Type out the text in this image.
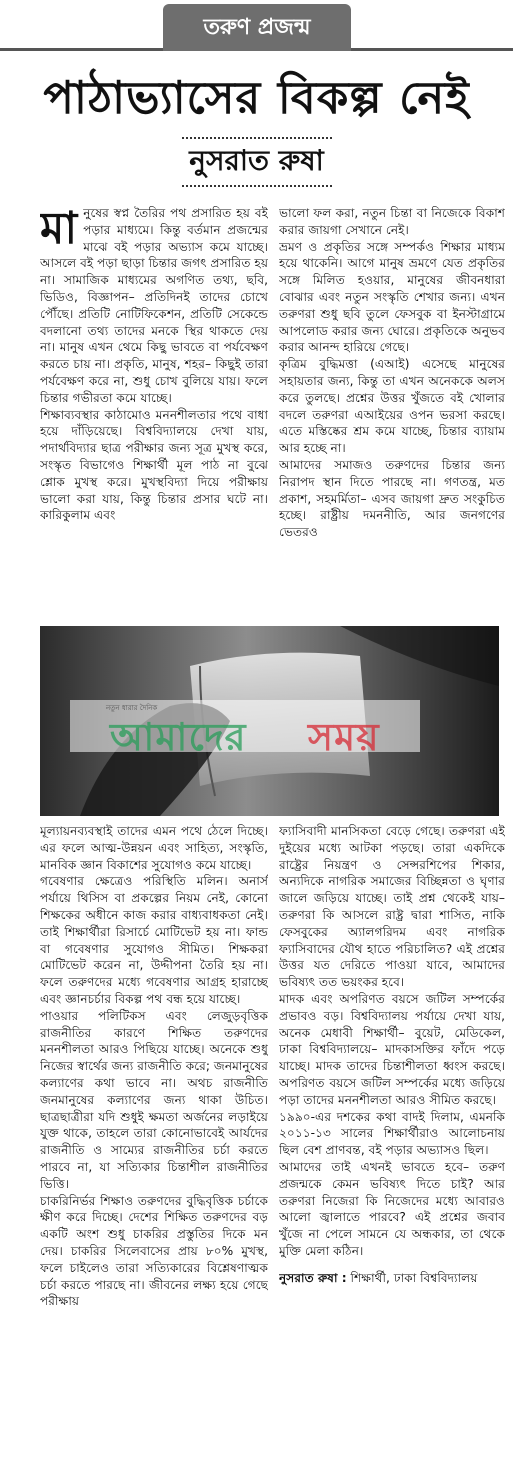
তরুণ প্রজন্ম
পাঠাভ্যাসের বিকল্প নেই
নুসরাত রুষা
মা নুষের স্বপ্ন তৈরির পথ প্রসারিত হয় বই পড়ার মাধ্যমে। কিন্তু বর্তমান প্রজন্মের মাঝে বই পড়ার অভ্যাস কমে যাচ্ছে। আসলে বই পড়া ছাড়া চিন্তার জগৎ প্রসারিত হয় না। সামাজিক মাধ্যমের অগণিত তথ্য, ছবি, ভিডিও, বিজ্ঞাপন– প্রতিদিনই তাদের চোখে পৌঁছে। প্রতিটি নোটিফিকেশন, প্রতিটি সেকেন্ডে বদলানো তথ্য তাদের মনকে স্থির থাকতে দেয় না। মানুষ এখন থেমে কিছু ভাবতে বা পর্যবেক্ষণ করতে চায় না। প্রকৃতি, মানুষ, শহর– কিছুই তারা পর্যবেক্ষণ করে না, শুধু চোখ বুলিয়ে যায়। ফলে চিন্তার গভীরতা কমে যাচ্ছে।

শিক্ষাব্যবস্থার কাঠামোও মননশীলতার পথে বাধা হয়ে দাঁড়িয়েছে। বিশ্ববিদ্যালয়ে দেখা যায়, পদার্থবিদ্যার ছাত্র পরীক্ষার জন্য সূত্র মুখস্থ করে, সংস্কৃত বিভাগেও শিক্ষার্থী মূল পাঠ না বুঝে শ্লোক মুখস্থ করে। মুখস্থবিদ্যা দিয়ে পরীক্ষায় ভালো করা যায়, কিন্তু চিন্তার প্রসার ঘটে না। কারিকুলাম এবং

ভালো ফল করা, নতুন চিন্তা বা নিজেকে বিকাশ করার জায়গা সেখানে নেই।

ভ্রমণ ও প্রকৃতির সঙ্গে সম্পর্কও শিক্ষার মাধ্যম হয়ে থাকেনি। আগে মানুষ ভ্রমণে যেত প্রকৃতির সঙ্গে মিলিত হওয়ার, মানুষের জীবনধারা বোঝার এবং নতুন সংস্কৃতি শেখার জন্য। এখন তরুণরা শুধু ছবি তুলে ফেসবুক বা ইনস্টাগ্রামে আপলোড করার জন্য ঘোরে। প্রকৃতিকে অনুভব করার আনন্দ হারিয়ে গেছে।

কৃত্রিম বুদ্ধিমত্তা (এআই) এসেছে মানুষের সহায়তার জন্য, কিন্তু তা এখন অনেককে অলস করে তুলছে। প্রশ্নের উত্তর খুঁজতে বই খোলার বদলে তরুণরা এআইয়ের ওপন ভরসা করছে। এতে মস্তিষ্কের শ্রম কমে যাচ্ছে, চিন্তার ব্যায়াম আর হচ্ছে না।

আমাদের সমাজও তরুণদের চিন্তার জন্য নিরাপদ স্থান দিতে পারছে না। গণতন্ত্র, মত প্রকাশ, সহমর্মিতা– এসব জায়গা দ্রুত সংকুচিত হচ্ছে। রাষ্ট্রীয় দমননীতি, আর জনগণের ভেতরও

নতুন ধারার দৈনিক
আমাদের সময়

মূল্যায়নব্যবস্থাই তাদের এমন পথে ঠেলে দিচ্ছে। এর ফলে আত্ম-উন্নয়ন এবং সাহিত্য, সংস্কৃতি, মানবিক জ্ঞান বিকাশের সুযোগও কমে যাচ্ছে।

গবেষণার ক্ষেত্রেও পরিস্থিতি মলিন। অনার্স পর্যায়ে থিসিস বা প্রকল্পের নিয়ম নেই, কোনো শিক্ষকের অধীনে কাজ করার বাধ্যবাধকতা নেই। তাই শিক্ষার্থীরা রিসার্চে মোটিভেট হয় না। ফান্ড বা গবেষণার সুযোগও সীমিত। শিক্ষকরা মোটিভেট করেন না, উদ্দীপনা তৈরি হয় না। ফলে তরুণদের মধ্যে গবেষণার আগ্রহ হারাচ্ছে এবং জ্ঞানচর্চার বিকল্প পথ বন্ধ হয়ে যাচ্ছে।

পাওয়ার পলিটিকস এবং লেজুড়বৃত্তিক রাজনীতির কারণে শিক্ষিত তরুণদের মননশীলতা আরও পিছিয়ে যাচ্ছে। অনেকে শুধু নিজের স্বার্থের জন্য রাজনীতি করে; জনমানুষের কল্যাণের কথা ভাবে না। অথচ রাজনীতি জনমানুষের কল্যাণের জন্য থাকা উচিত। ছাত্রছাত্রীরা যদি শুধুই ক্ষমতা অর্জনের লড়াইয়ে যুক্ত থাকে, তাহলে তারা কোনোভাবেই আর্যদের রাজনীতি ও সাম্যের রাজনীতির চর্চা করতে পারবে না, যা সত্যিকার চিন্তাশীল রাজনীতির ভিত্তি।

চাকরিনির্ভর শিক্ষাও তরুণদের বুদ্ধিবৃত্তিক চর্চাকে ক্ষীণ করে দিচ্ছে। দেশের শিক্ষিত তরুণদের বড় একটি অংশ শুধু চাকরির প্রস্তুতির দিকে মন দেয়। চাকরির সিলেবাসের প্রায় ৮০% মুখস্থ, ফলে চাইলেও তারা সত্যিকারের বিশ্লেষণাত্মক চর্চা করতে পারছে না। জীবনের লক্ষ্য হয়ে গেছে পরীক্ষায়

ফ্যাসিবাদী মানসিকতা বেড়ে গেছে। তরুণরা এই দুইয়ের মধ্যে আটকা পড়ছে। তারা একদিকে রাষ্ট্রের নিয়ন্ত্রণ ও সেন্সরশিপের শিকার, অন্যদিকে নাগরিক সমাজের বিচ্ছিন্নতা ও ঘৃণার জালে জড়িয়ে যাচ্ছে। তাই প্রশ্ন থেকেই যায়– তরুণরা কি আসলে রাষ্ট্র দ্বারা শাসিত, নাকি ফেসবুকের অ্যালগরিদম এবং নাগরিক ফ্যাসিবাদের যৌথ হাতে পরিচালিত? এই প্রশ্নের উত্তর যত দেরিতে পাওয়া যাবে, আমাদের ভবিষ্যৎ তত ভয়ংকর হবে।

মাদক এবং অপরিণত বয়সে জটিল সম্পর্কের প্রভাবও বড়। বিশ্ববিদ্যালয় পর্যায়ে দেখা যায়, অনেক মেধাবী শিক্ষার্থী– বুয়েট, মেডিকেল, ঢাকা বিশ্ববিদ্যালয়ে– মাদকাসক্তির ফাঁদে পড়ে যাচ্ছে। মাদক তাদের চিন্তাশীলতা ধ্বংস করছে। অপরিণত বয়সে জটিল সম্পর্কের মধ্যে জড়িয়ে পড়া তাদের মননশীলতা আরও সীমিত করছে।

১৯৯০-এর দশকের কথা বাদই দিলাম, এমনকি ২০১১-১৩ সালের শিক্ষার্থীরাও আলোচনায় ছিল বেশ প্রাণবন্ত, বই পড়ার অভ্যাসও ছিল।

আমাদের তাই এখনই ভাবতে হবে– তরুণ প্রজন্মকে কেমন ভবিষ্যৎ দিতে চাই? আর তরুণরা নিজেরা কি নিজেদের মধ্যে আবারও আলো জ্বালাতে পারবে? এই প্রশ্নের জবাব খুঁজে না পেলে সামনে যে অন্ধকার, তা থেকে মুক্তি মেলা কঠিন।

নুসরাত রুষা : শিক্ষার্থী, ঢাকা বিশ্ববিদ্যালয়
